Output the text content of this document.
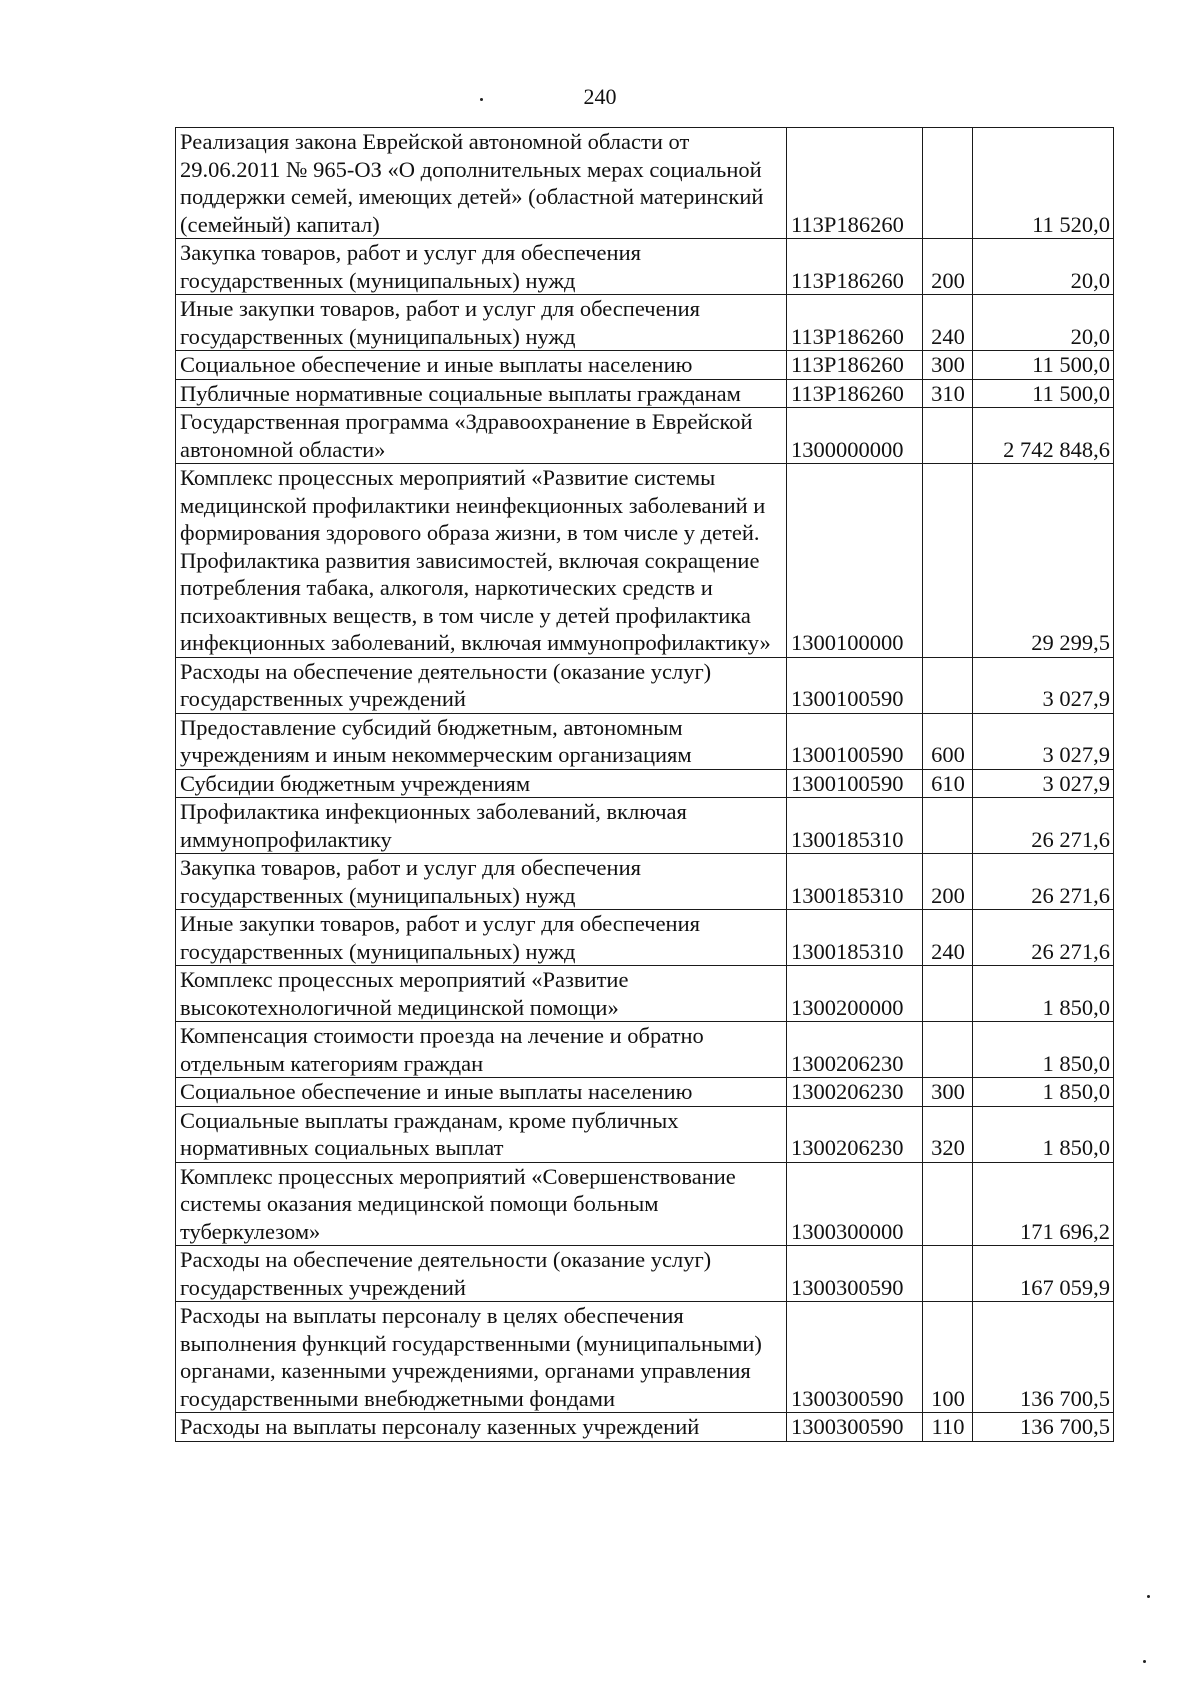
240
Реализация закона Еврейской автономной области от 29.06.2011 № 965-ОЗ «О дополнительных мерах социальной поддержки семей, имеющих детей» (областной материнский (семейный) капитал)	113P186260		11 520,0
Закупка товаров, работ и услуг для обеспечения государственных (муниципальных) нужд	113P186260	200	20,0
Иные закупки товаров, работ и услуг для обеспечения государственных (муниципальных) нужд	113P186260	240	20,0
Социальное обеспечение и иные выплаты населению	113P186260	300	11 500,0
Публичные нормативные социальные выплаты гражданам	113P186260	310	11 500,0
Государственная программа «Здравоохранение в Еврейской автономной области»	1300000000		2 742 848,6
Комплекс процессных мероприятий «Развитие системы медицинской профилактики неинфекционных заболеваний и формирования здорового образа жизни, в том числе у детей. Профилактика развития зависимостей, включая сокращение потребления табака, алкоголя, наркотических средств и психоактивных веществ, в том числе у детей профилактика инфекционных заболеваний, включая иммунопрофилактику»	1300100000		29 299,5
Расходы на обеспечение деятельности (оказание услуг) государственных учреждений	1300100590		3 027,9
Предоставление субсидий бюджетным, автономным учреждениям и иным некоммерческим организациям	1300100590	600	3 027,9
Субсидии бюджетным учреждениям	1300100590	610	3 027,9
Профилактика инфекционных заболеваний, включая иммунопрофилактику	1300185310		26 271,6
Закупка товаров, работ и услуг для обеспечения государственных (муниципальных) нужд	1300185310	200	26 271,6
Иные закупки товаров, работ и услуг для обеспечения государственных (муниципальных) нужд	1300185310	240	26 271,6
Комплекс процессных мероприятий «Развитие высокотехнологичной медицинской помощи»	1300200000		1 850,0
Компенсация стоимости проезда на лечение и обратно отдельным категориям граждан	1300206230		1 850,0
Социальное обеспечение и иные выплаты населению	1300206230	300	1 850,0
Социальные выплаты гражданам, кроме публичных нормативных социальных выплат	1300206230	320	1 850,0
Комплекс процессных мероприятий «Совершенствование системы оказания медицинской помощи больным туберкулезом»	1300300000		171 696,2
Расходы на обеспечение деятельности (оказание услуг) государственных учреждений	1300300590		167 059,9
Расходы на выплаты персоналу в целях обеспечения выполнения функций государственными (муниципальными) органами, казенными учреждениями, органами управления государственными внебюджетными фондами	1300300590	100	136 700,5
Расходы на выплаты персоналу казенных учреждений	1300300590	110	136 700,5
